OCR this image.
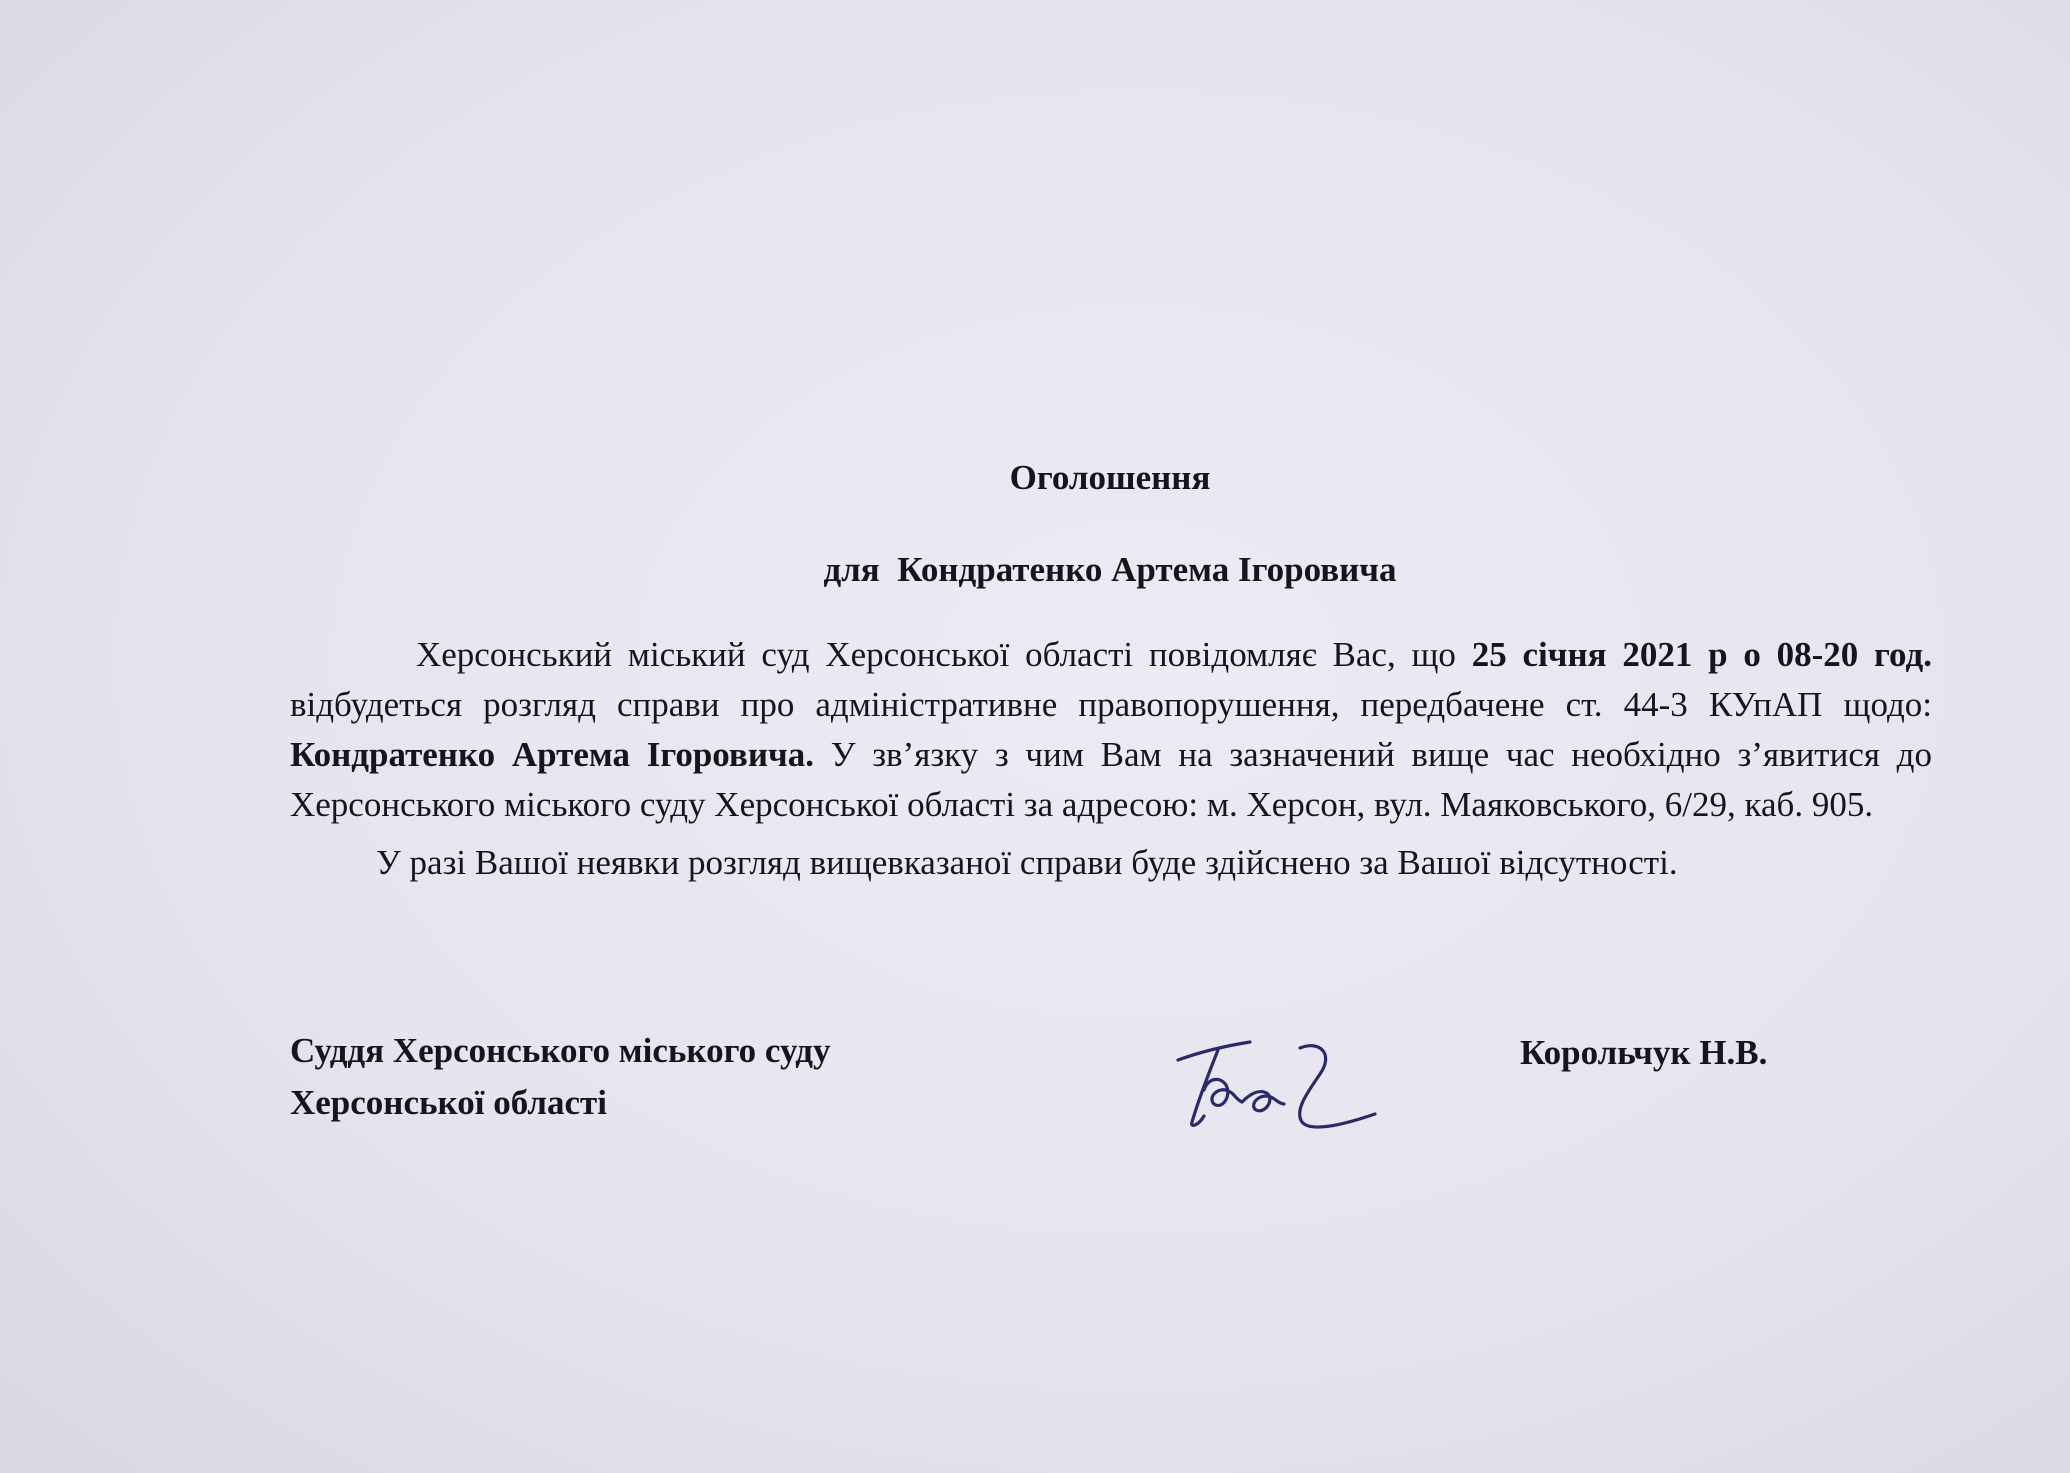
Оголошення
для  Кондратенко Артема Ігоровича

Херсонський міський суд Херсонської області повідомляє Вас, що 25 січня 2021 р о 08-20 год. відбудеться розгляд справи про адміністративне правопорушення, передбачене ст. 44-3 КУпАП щодо: Кондратенко Артема Ігоровича. У зв’язку з чим Вам на зазначений вище час необхідно з’явитися до Херсонського міського суду Херсонської області за адресою: м. Херсон, вул. Маяковського, 6/29, каб. 905.

У разі Вашої неявки розгляд вищевказаної справи буде здійснено за Вашої відсутності.

Суддя Херсонського міського суду
Херсонської області
Корольчук Н.В.
